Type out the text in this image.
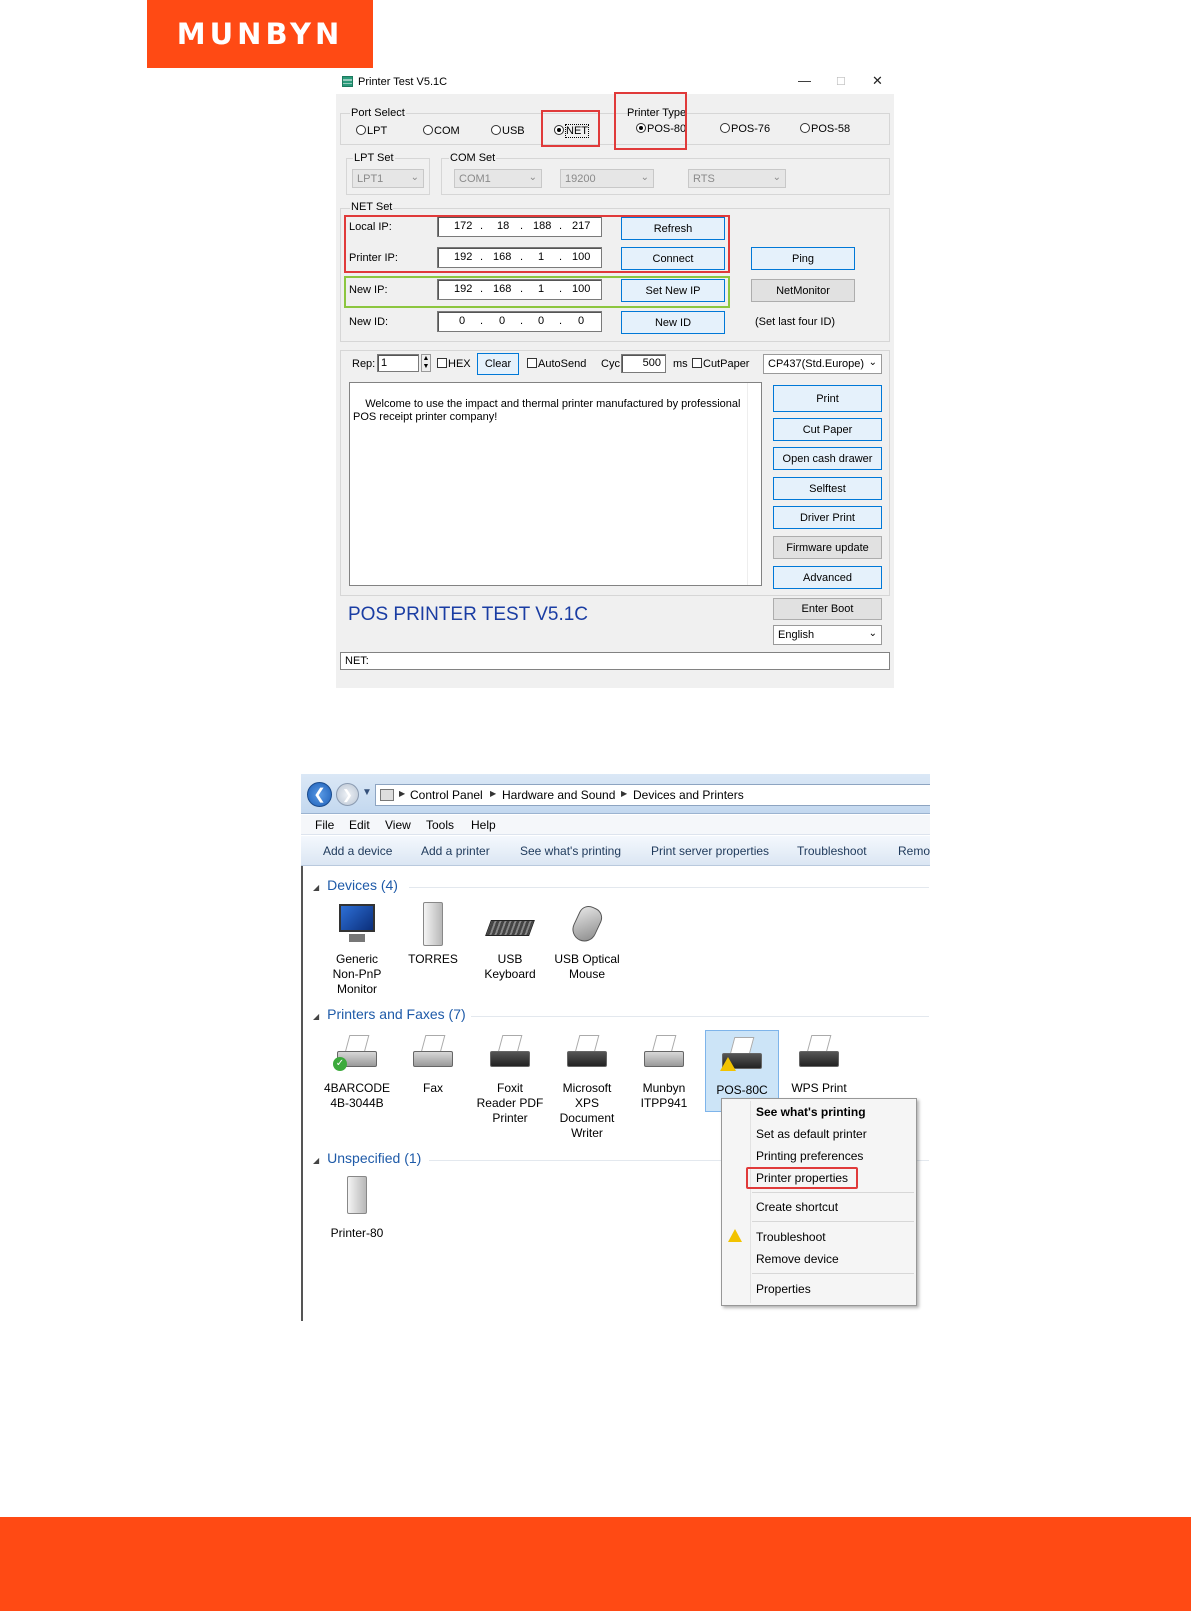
MUNBYN
Printer Test V5.1C	— ☐ ✕
Port Select
LPT	COM	USB	NET
Printer Type
POS-80	POS-76	POS-58
LPT Set
LPT1	⌄
COM Set
COM1	⌄	19200	⌄	RTS	⌄
NET Set
Local IP:	172 . 18 . 188 . 217	Refresh
Printer IP:	192 . 168 . 1 . 100	Connect	Ping
New IP:	192 . 168 . 1 . 100	Set New IP	NetMonitor
New ID:	0 . 0 . 0 . 0	New ID	(Set last four ID)
Rep: 1	▲
▼	HEX	Clear	AutoSend Cyc 500 ms	CutPaper	CP437(Std.Europe) ⌄

Welcome to use the impact and thermal printer manufactured by professional
POS receipt printer company!

Print
Cut Paper
Open cash drawer
Selftest
Driver Print
Firmware update
Advanced
POS PRINTER TEST V5.1C	Enter Boot
English	⌄
NET:
❮	❯ ▼	▶ Control Panel ▶ Hardware and Sound ▶ Devices and Printers
File Edit View Tools Help
Add a device Add a printer	See what's printing Print server properties Troubleshoot	Remo
◢ Devices (4)
Generic
Non-PnP
Monitor
TORRES	USB
Keyboard
USB Optical
Mouse
◢ Printers and Faxes (7)
✓
4BARCODE
4B-3044B
Fax	Foxit
Reader PDF
Printer
Microsoft
XPS
Document
Writer
Munbyn
ITPP941
POS-80C	WPS Print
◢ Unspecified (1)
Printer-80
See what's printing
Set as default printer
Printing preferences
Printer properties
Create shortcut
Troubleshoot
Remove device
Properties
